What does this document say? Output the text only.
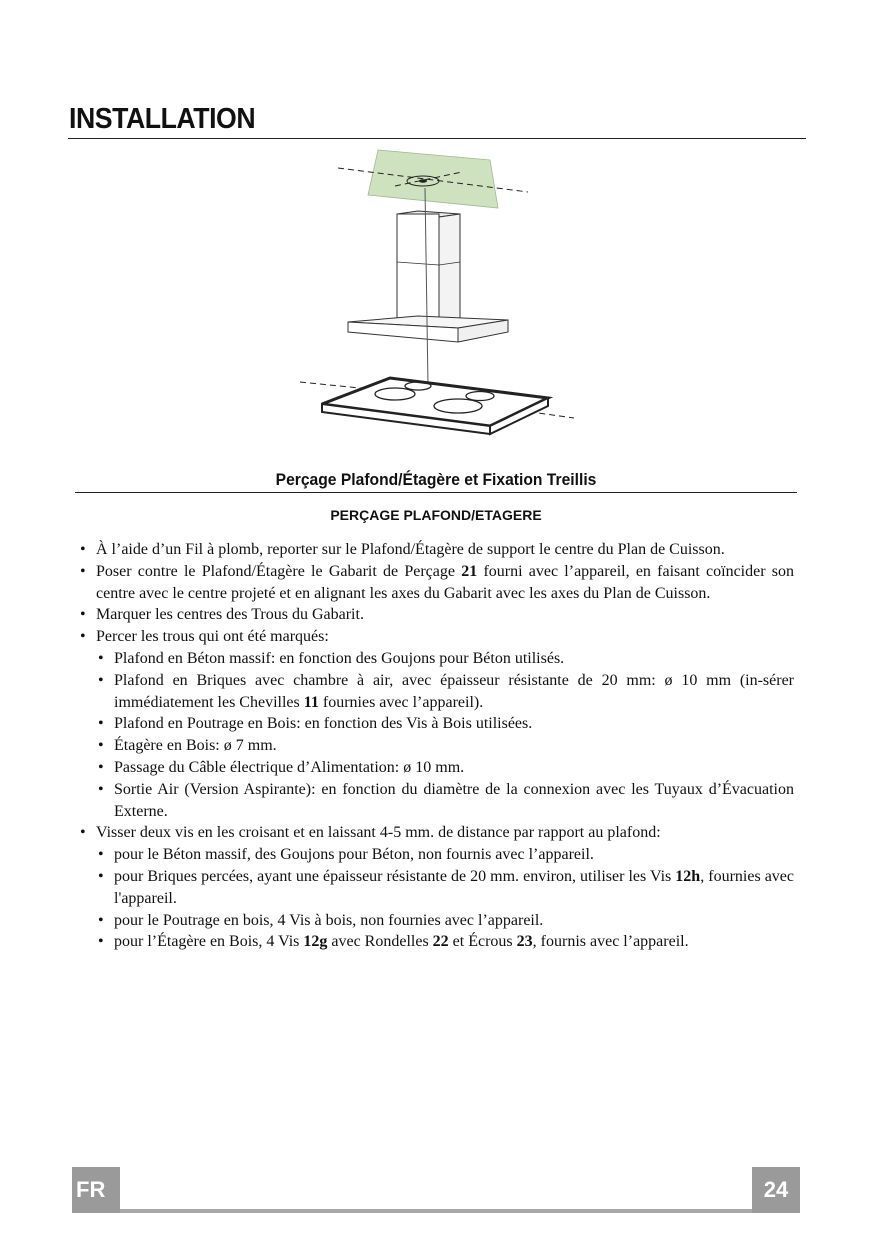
INSTALLATION
Perçage Plafond/Étagère et Fixation Treillis
PERÇAGE PLAFOND/ETAGERE
• À l’aide d’un Fil à plomb, reporter sur le Plafond/Étagère de support le centre du Plan de Cuisson.
• Poser contre le Plafond/Étagère le Gabarit de Perçage 21 fourni avec l’appareil, en faisant coïncider son centre avec le centre projeté et en alignant les axes du Gabarit avec les axes du Plan de Cuisson.
• Marquer les centres des Trous du Gabarit.
• Percer les trous qui ont été marqués:
• Plafond en Béton massif: en fonction des Goujons pour Béton utilisés.
• Plafond en Briques avec chambre à air, avec épaisseur résistante de 20 mm: ø 10 mm (in-sérer immédiatement les Chevilles 11 fournies avec l’appareil).
• Plafond en Poutrage en Bois: en fonction des Vis à Bois utilisées.
• Étagère en Bois: ø 7 mm.
• Passage du Câble électrique d’Alimentation: ø 10 mm.
• Sortie Air (Version Aspirante): en fonction du diamètre de la connexion avec les Tuyaux d’Évacuation Externe.
• Visser deux vis en les croisant et en laissant 4-5 mm. de distance par rapport au plafond:
• pour le Béton massif, des Goujons pour Béton, non fournis avec l’appareil.
• pour Briques percées, ayant une épaisseur résistante de 20 mm. environ, utiliser les Vis 12h, fournies avec l'appareil.
• pour le Poutrage en bois, 4 Vis à bois, non fournies avec l’appareil.
• pour l’Étagère en Bois, 4 Vis 12g avec Rondelles 22 et Écrous 23, fournis avec l’appareil.
FR	24
